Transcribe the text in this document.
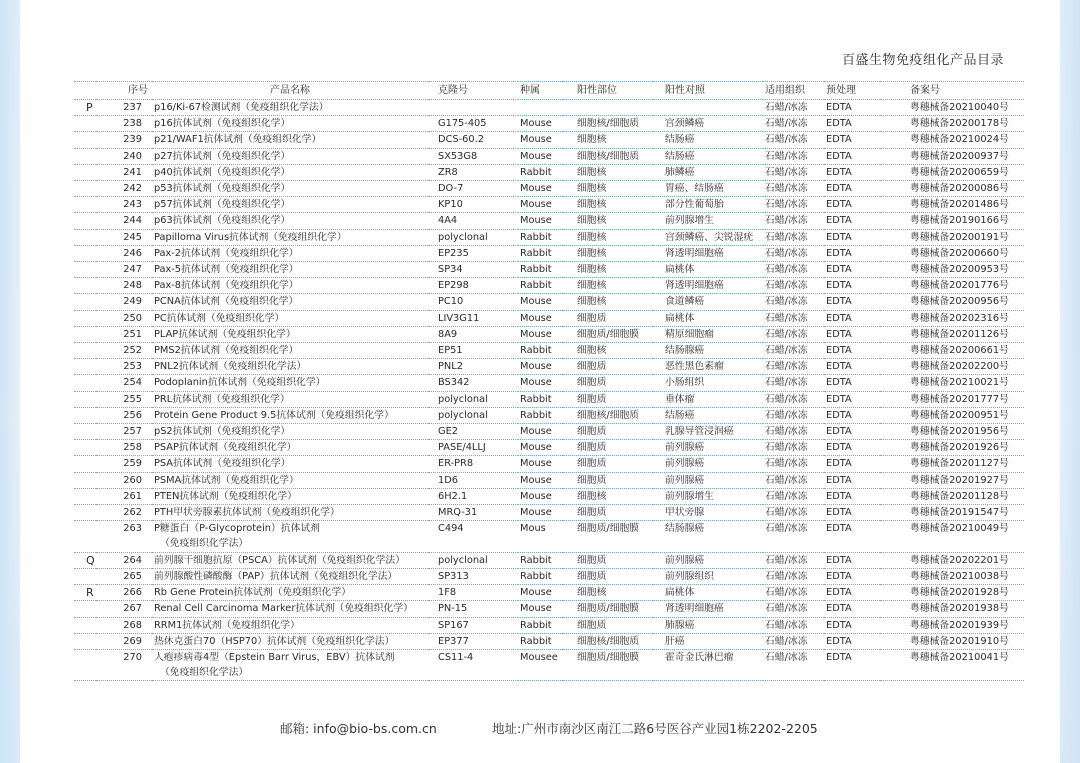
百盛生物免疫组化产品目录
	序号	产品名称	克隆号	种属	阳性部位	阳性对照	适用组织	预处理	备案号
P	237	p16/Ki-67检测试剂（免疫组织化学法）					石蜡/冰冻	EDTA	粤穗械备20210040号
	238	p16抗体试剂（免疫组织化学）	G175-405	Mouse	细胞核/细胞质	宫颈鳞癌	石蜡/冰冻	EDTA	粤穗械备20200178号
	239	p21/WAF1抗体试剂（免疫组织化学）	DCS-60.2	Mouse	细胞核	结肠癌	石蜡/冰冻	EDTA	粤穗械备20210024号
	240	p27抗体试剂（免疫组织化学）	SX53G8	Mouse	细胞核/细胞质	结肠癌	石蜡/冰冻	EDTA	粤穗械备20200937号
	241	p40抗体试剂（免疫组织化学）	ZR8	Rabbit	细胞核	肺鳞癌	石蜡/冰冻	EDTA	粤穗械备20200659号
	242	p53抗体试剂（免疫组织化学）	DO-7	Mouse	细胞核	胃癌、结肠癌	石蜡/冰冻	EDTA	粤穗械备20200086号
	243	p57抗体试剂（免疫组织化学）	KP10	Mouse	细胞核	部分性葡萄胎	石蜡/冰冻	EDTA	粤穗械备20201486号
	244	p63抗体试剂（免疫组织化学）	4A4	Mouse	细胞核	前列腺增生	石蜡/冰冻	EDTA	粤穗械备20190166号
	245	Papilloma Virus抗体试剂（免疫组织化学）	polyclonal	Rabbit	细胞核	宫颈鳞癌、尖锐湿疣	石蜡/冰冻	EDTA	粤穗械备20200191号
	246	Pax-2抗体试剂（免疫组织化学）	EP235	Rabbit	细胞核	肾透明细胞癌	石蜡/冰冻	EDTA	粤穗械备20200660号
	247	Pax-5抗体试剂（免疫组织化学）	SP34	Rabbit	细胞核	扁桃体	石蜡/冰冻	EDTA	粤穗械备20200953号
	248	Pax-8抗体试剂（免疫组织化学）	EP298	Rabbit	细胞核	肾透明细胞癌	石蜡/冰冻	EDTA	粤穗械备20201776号
	249	PCNA抗体试剂（免疫组织化学）	PC10	Mouse	细胞核	食道鳞癌	石蜡/冰冻	EDTA	粤穗械备20200956号
	250	PC抗体试剂（免疫组织化学）	LIV3G11	Mouse	细胞质	扁桃体	石蜡/冰冻	EDTA	粤穗械备20202316号
	251	PLAP抗体试剂（免疫组织化学）	8A9	Mouse	细胞质/细胞膜	精原细胞瘤	石蜡/冰冻	EDTA	粤穗械备20201126号
	252	PMS2抗体试剂（免疫组织化学）	EP51	Rabbit	细胞核	结肠腺癌	石蜡/冰冻	EDTA	粤穗械备20200661号
	253	PNL2抗体试剂（免疫组织化学法）	PNL2	Mouse	细胞质	恶性黑色素瘤	石蜡/冰冻	EDTA	粤穗械备20202200号
	254	Podoplanin抗体试剂（免疫组织化学）	BS342	Mouse	细胞质	小肠组织	石蜡/冰冻	EDTA	粤穗械备20210021号
	255	PRL抗体试剂（免疫组织化学）	polyclonal	Rabbit	细胞质	垂体瘤	石蜡/冰冻	EDTA	粤穗械备20201777号
	256	Protein Gene Product 9.5抗体试剂（免疫组织化学）	polyclonal	Rabbit	细胞核/细胞质	结肠癌	石蜡/冰冻	EDTA	粤穗械备20200951号
	257	pS2抗体试剂（免疫组织化学）	GE2	Mouse	细胞质	乳腺导管浸润癌	石蜡/冰冻	EDTA	粤穗械备20201956号
	258	PSAP抗体试剂（免疫组织化学）	PASE/4LLJ	Mouse	细胞质	前列腺癌	石蜡/冰冻	EDTA	粤穗械备20201926号
	259	PSA抗体试剂（免疫组织化学）	ER-PR8	Mouse	细胞质	前列腺癌	石蜡/冰冻	EDTA	粤穗械备20201127号
	260	PSMA抗体试剂（免疫组织化学）	1D6	Mouse	细胞质	前列腺癌	石蜡/冰冻	EDTA	粤穗械备20201927号
	261	PTEN抗体试剂（免疫组织化学）	6H2.1	Mouse	细胞核	前列腺增生	石蜡/冰冻	EDTA	粤穗械备20201128号
	262	PTH甲状旁腺素抗体试剂（免疫组织化学）	MRQ-31	Mouse	细胞质	甲状旁腺	石蜡/冰冻	EDTA	粤穗械备20191547号
	263	P糖蛋白（P-Glycoprotein）抗体试剂
（免疫组织化学法）	C494	Mous	细胞质/细胞膜	结肠腺癌	石蜡/冰冻	EDTA	粤穗械备20210049号
Q	264	前列腺干细胞抗原（PSCA）抗体试剂（免疫组织化学法）	polyclonal	Rabbit	细胞质	前列腺癌	石蜡/冰冻	EDTA	粤穗械备20202201号
	265	前列腺酸性磷酸酶（PAP）抗体试剂（免疫组织化学法）	SP313	Rabbit	细胞质	前列腺组织	石蜡/冰冻	EDTA	粤穗械备20210038号
R	266	Rb Gene Protein抗体试剂（免疫组织化学）	1F8	Mouse	细胞核	扁桃体	石蜡/冰冻	EDTA	粤穗械备20201928号
	267	Renal Cell Carcinoma Marker抗体试剂（免疫组织化学）	PN-15	Mouse	细胞质/细胞膜	肾透明细胞癌	石蜡/冰冻	EDTA	粤穗械备20201938号
	268	RRM1抗体试剂（免疫组织化学）	SP167	Rabbit	细胞质	肺腺癌	石蜡/冰冻	EDTA	粤穗械备20201939号
	269	热休克蛋白70（HSP70）抗体试剂（免疫组织化学法）	EP377	Rabbit	细胞核/细胞质	肝癌	石蜡/冰冻	EDTA	粤穗械备20201910号
	270	人疱疹病毒4型（Epstein Barr Virus，EBV）抗体试剂
（免疫组织化学法）	CS11-4	Mousee	细胞质/细胞膜	霍奇金氏淋巴瘤	石蜡/冰冻	EDTA	粤穗械备20210041号
邮箱: info@bio-bs.com.cn	地址:广州市南沙区南江二路6号医谷产业园1栋2202-2205
